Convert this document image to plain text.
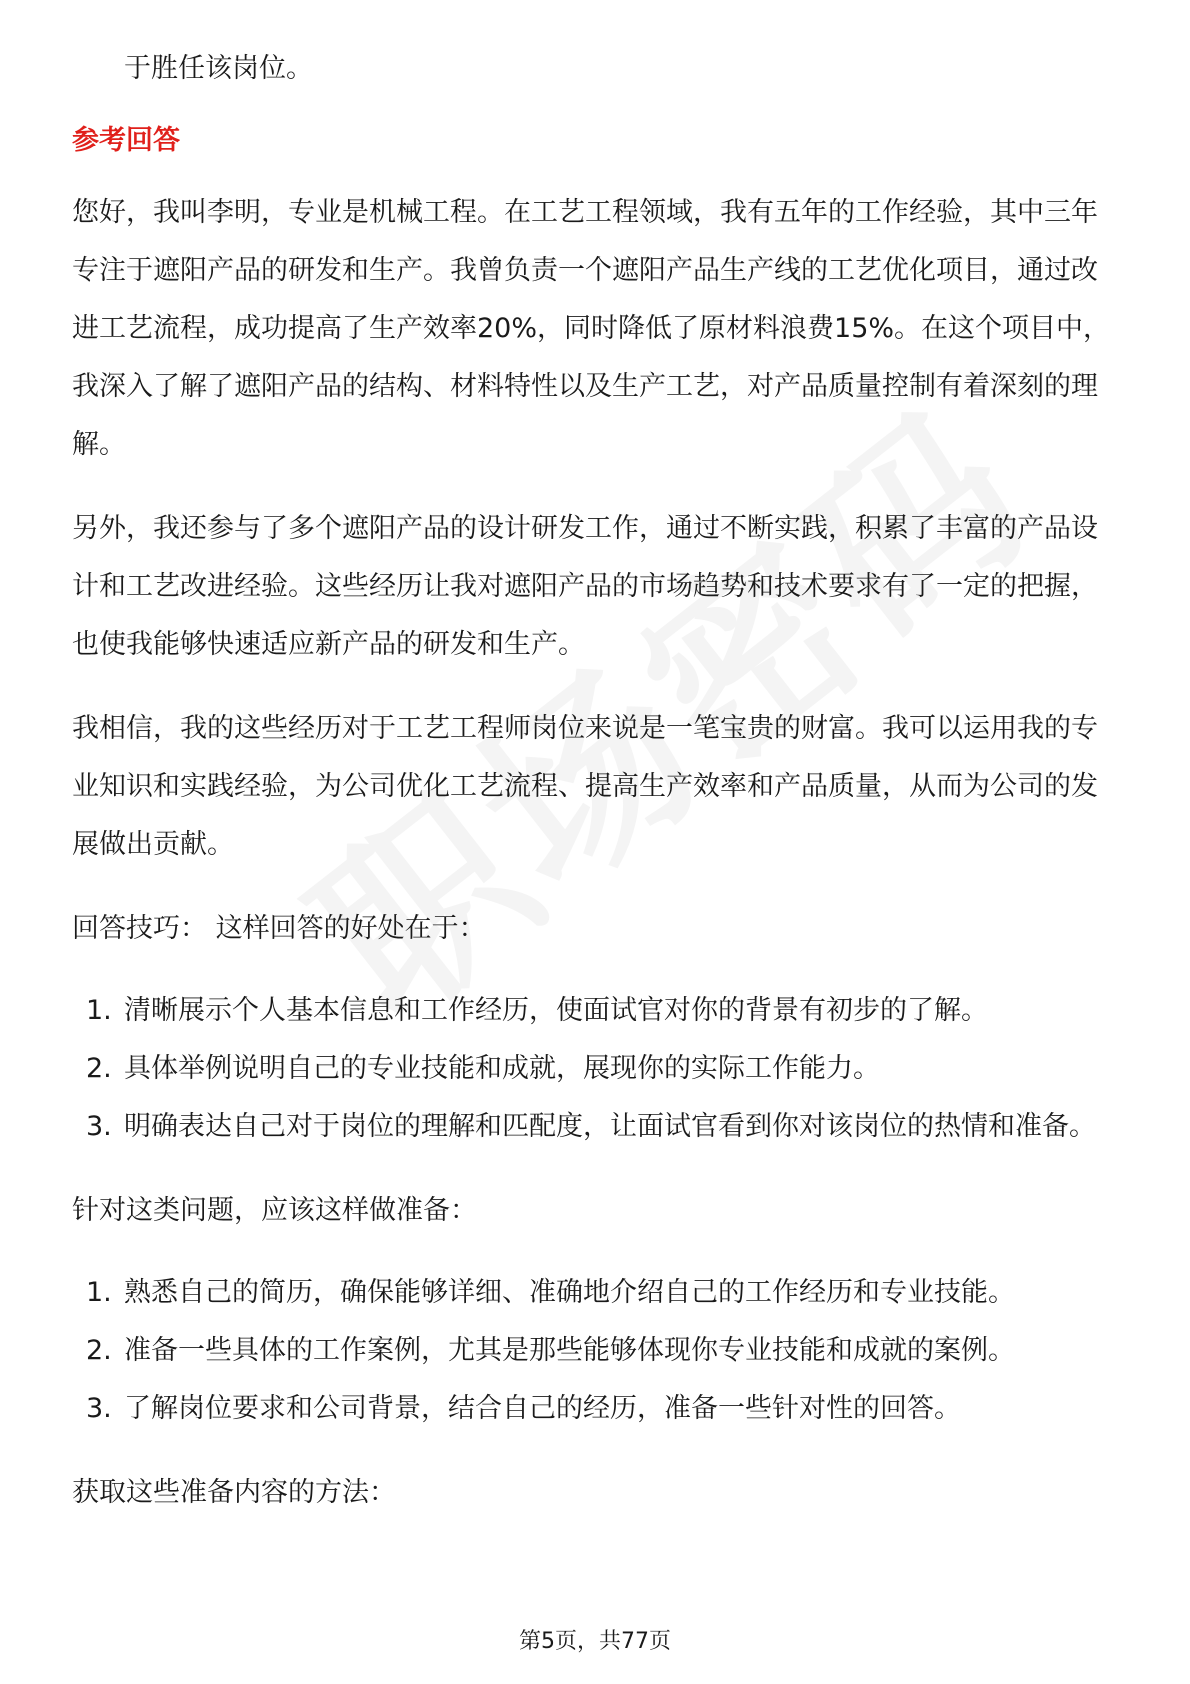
于胜任该岗位。

参考回答

您好，我叫李明，专业是机械工程。在工艺工程领域，我有五年的工作经验，其中三年专注于遮阳产品的研发和生产。我曾负责一个遮阳产品生产线的工艺优化项目，通过改进工艺流程，成功提高了生产效率20%，同时降低了原材料浪费15%。在这个项目中，我深入了解了遮阳产品的结构、材料特性以及生产工艺，对产品质量控制有着深刻的理解。

另外，我还参与了多个遮阳产品的设计研发工作，通过不断实践，积累了丰富的产品设计和工艺改进经验。这些经历让我对遮阳产品的市场趋势和技术要求有了一定的把握，也使我能够快速适应新产品的研发和生产。

我相信，我的这些经历对于工艺工程师岗位来说是一笔宝贵的财富。我可以运用我的专业知识和实践经验，为公司优化工艺流程、提高生产效率和产品质量，从而为公司的发展做出贡献。

回答技巧： 这样回答的好处在于：
1. 清晰展示个人基本信息和工作经历，使面试官对你的背景有初步的了解。
2. 具体举例说明自己的专业技能和成就，展现你的实际工作能力。
3. 明确表达自己对于岗位的理解和匹配度，让面试官看到你对该岗位的热情和准备。
针对这类问题，应该这样做准备：
1. 熟悉自己的简历，确保能够详细、准确地介绍自己的工作经历和专业技能。
2. 准备一些具体的工作案例，尤其是那些能够体现你专业技能和成就的案例。
3. 了解岗位要求和公司背景，结合自己的经历，准备一些针对性的回答。
获取这些准备内容的方法：
第5页，共77页
